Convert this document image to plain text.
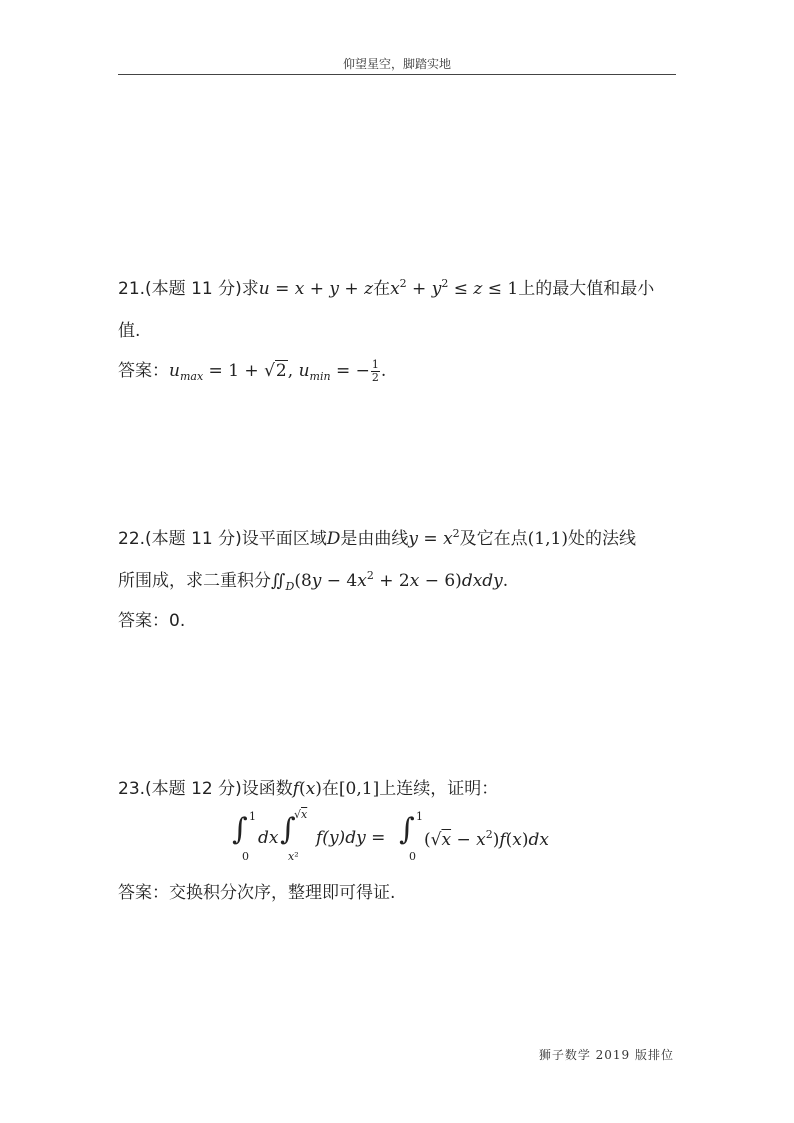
仰望星空，脚踏实地
21.(本题 11 分)求u = x + y + z在$x^2 + y^2 \le z \le 1$上的最大值和最小
值.
答案：$u_{max} = 1 + √2$, $u_{min}$ = − $\frac{1}{2}$ .
22.(本题 11 分)设平面区域D是由曲线$y = x^2$及它在点(1,1)处的法线
所围成，求二重积分$∬_D(8y - 4x^2 + 2x$ − 6)dxdy.
答案：0.
23.(本题 12 分)设函数f(x)在[0,1]上连续，证明：
∫ 1
0
dx ∫
√x
x²
f(y)dy = ∫ 1
0
$(√x - x^2)f(x)dx$
答案：交换积分次序，整理即可得证.
狮子数学 2019 版排位
